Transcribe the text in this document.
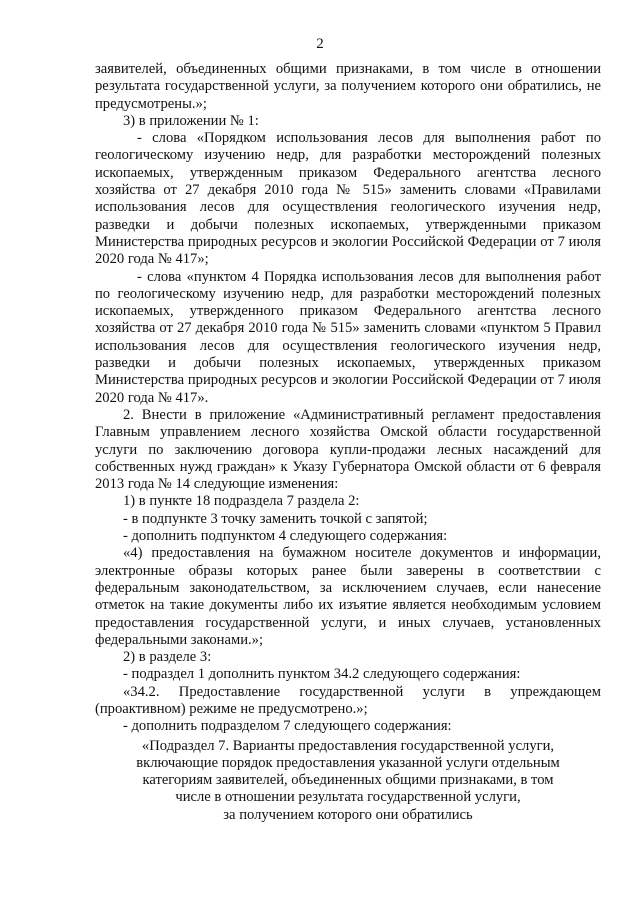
2

заявителей, объединенных общими признаками, в том числе в отношении результата государственной услуги, за получением которого они обратились, не предусмотрены.»;

3) в приложении № 1:

- слова «Порядком использования лесов для выполнения работ по геологическому изучению недр, для разработки месторождений полезных ископаемых, утвержденным приказом Федерального агентства лесного хозяйства от 27 декабря 2010 года № 515» заменить словами «Правилами использования лесов для осуществления геологического изучения недр, разведки и добычи полезных ископаемых, утвержденными приказом Министерства природных ресурсов и экологии Российской Федерации от 7 июля 2020 года № 417»;

- слова «пунктом 4 Порядка использования лесов для выполнения работ по геологическому изучению недр, для разработки месторождений полезных ископаемых, утвержденного приказом Федерального агентства лесного хозяйства от 27 декабря 2010 года № 515» заменить словами «пунктом 5 Правил использования лесов для осуществления геологического изучения недр, разведки и добычи полезных ископаемых, утвержденных приказом Министерства природных ресурсов и экологии Российской Федерации от 7 июля 2020 года № 417».

2. Внести в приложение «Административный регламент предоставления Главным управлением лесного хозяйства Омской области государственной услуги по заключению договора купли-продажи лесных насаждений для собственных нужд граждан» к Указу Губернатора Омской области от 6 февраля 2013 года № 14 следующие изменения:

1) в пункте 18 подраздела 7 раздела 2:

- в подпункте 3 точку заменить точкой с запятой;

- дополнить подпунктом 4 следующего содержания:

«4) предоставления на бумажном носителе документов и информации, электронные образы которых ранее были заверены в соответствии с федеральным законодательством, за исключением случаев, если нанесение отметок на такие документы либо их изъятие является необходимым условием предоставления государственной услуги, и иных случаев, установленных федеральными законами.»;

2) в разделе 3:

- подраздел 1 дополнить пунктом 34.2 следующего содержания:

«34.2. Предоставление государственной услуги в упреждающем (проактивном) режиме не предусмотрено.»;

- дополнить подразделом 7 следующего содержания:

«Подраздел 7. Варианты предоставления государственной услуги,

включающие порядок предоставления указанной услуги отдельным

категориям заявителей, объединенных общими признаками, в том

числе в отношении результата государственной услуги,

за получением которого они обратились
